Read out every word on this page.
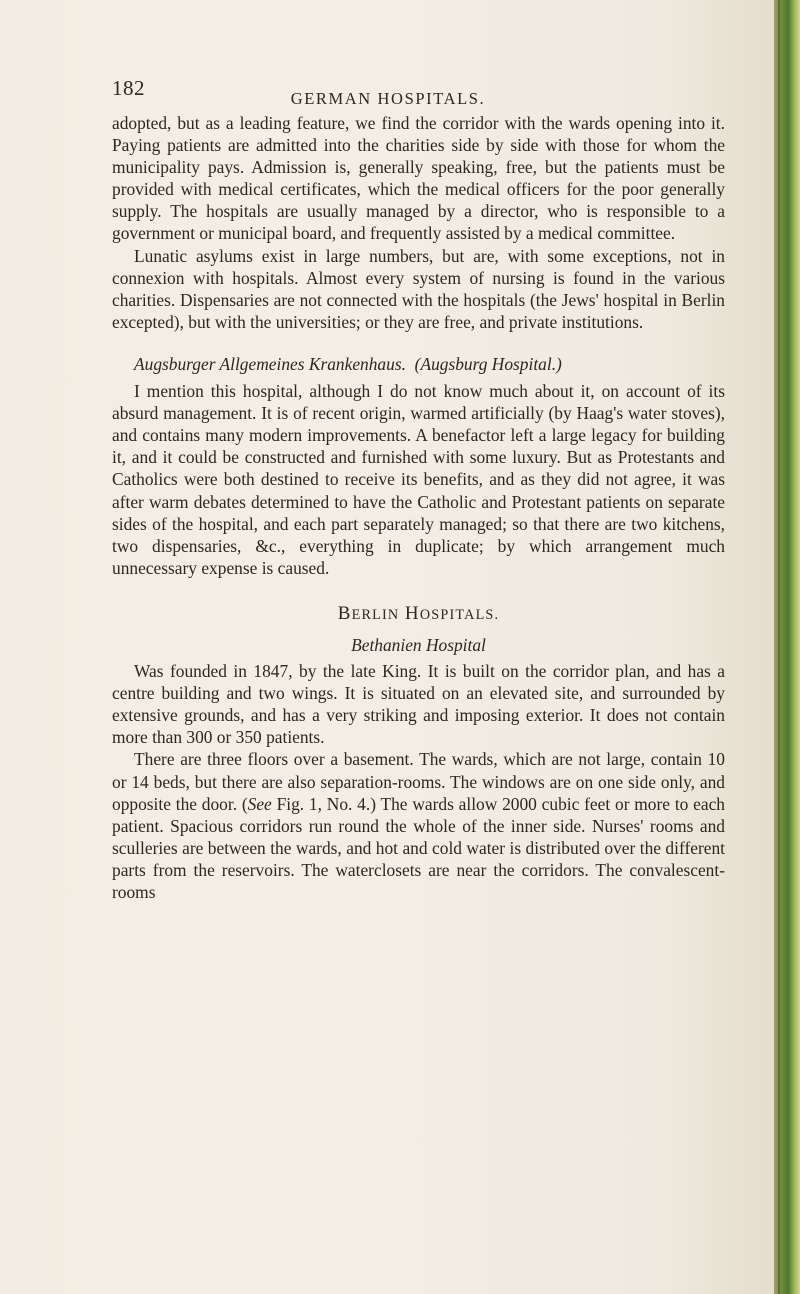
182	GERMAN HOSPITALS.

adopted, but as a leading feature, we find the corridor with the wards opening into it. Paying patients are admitted into the charities side by side with those for whom the municipality pays. Admission is, generally speaking, free, but the patients must be provided with medical certificates, which the medical officers for the poor generally supply. The hospitals are usually managed by a director, who is responsible to a government or municipal board, and frequently assisted by a medical committee.

Lunatic asylums exist in large numbers, but are, with some exceptions, not in connexion with hospitals. Almost every system of nursing is found in the various charities. Dispensaries are not connected with the hospitals (the Jews' hospital in Berlin excepted), but with the universities; or they are free, and private institutions.

Augsburger Allgemeines Krankenhaus. (Augsburg Hospital.)

I mention this hospital, although I do not know much about it, on account of its absurd management. It is of recent origin, warmed artificially (by Haag's water stoves), and contains many modern improvements. A benefactor left a large legacy for building it, and it could be constructed and furnished with some luxury. But as Protestants and Catholics were both destined to receive its benefits, and as they did not agree, it was after warm debates determined to have the Catholic and Protestant patients on separate sides of the hospital, and each part separately managed; so that there are two kitchens, two dispensaries, &c., everything in duplicate; by which arrangement much unnecessary expense is caused.

BERLIN HOSPITALS.
Bethanien Hospital

Was founded in 1847, by the late King. It is built on the corridor plan, and has a centre building and two wings. It is situated on an elevated site, and surrounded by extensive grounds, and has a very striking and imposing exterior. It does not contain more than 300 or 350 patients.

There are three floors over a basement. The wards, which are not large, contain 10 or 14 beds, but there are also separation-rooms. The windows are on one side only, and opposite the door. (See Fig. 1, No. 4.) The wards allow 2000 cubic feet or more to each patient. Spacious corridors run round the whole of the inner side. Nurses' rooms and sculleries are between the wards, and hot and cold water is distributed over the different parts from the reservoirs. The waterclosets are near the corridors. The convalescent-rooms
